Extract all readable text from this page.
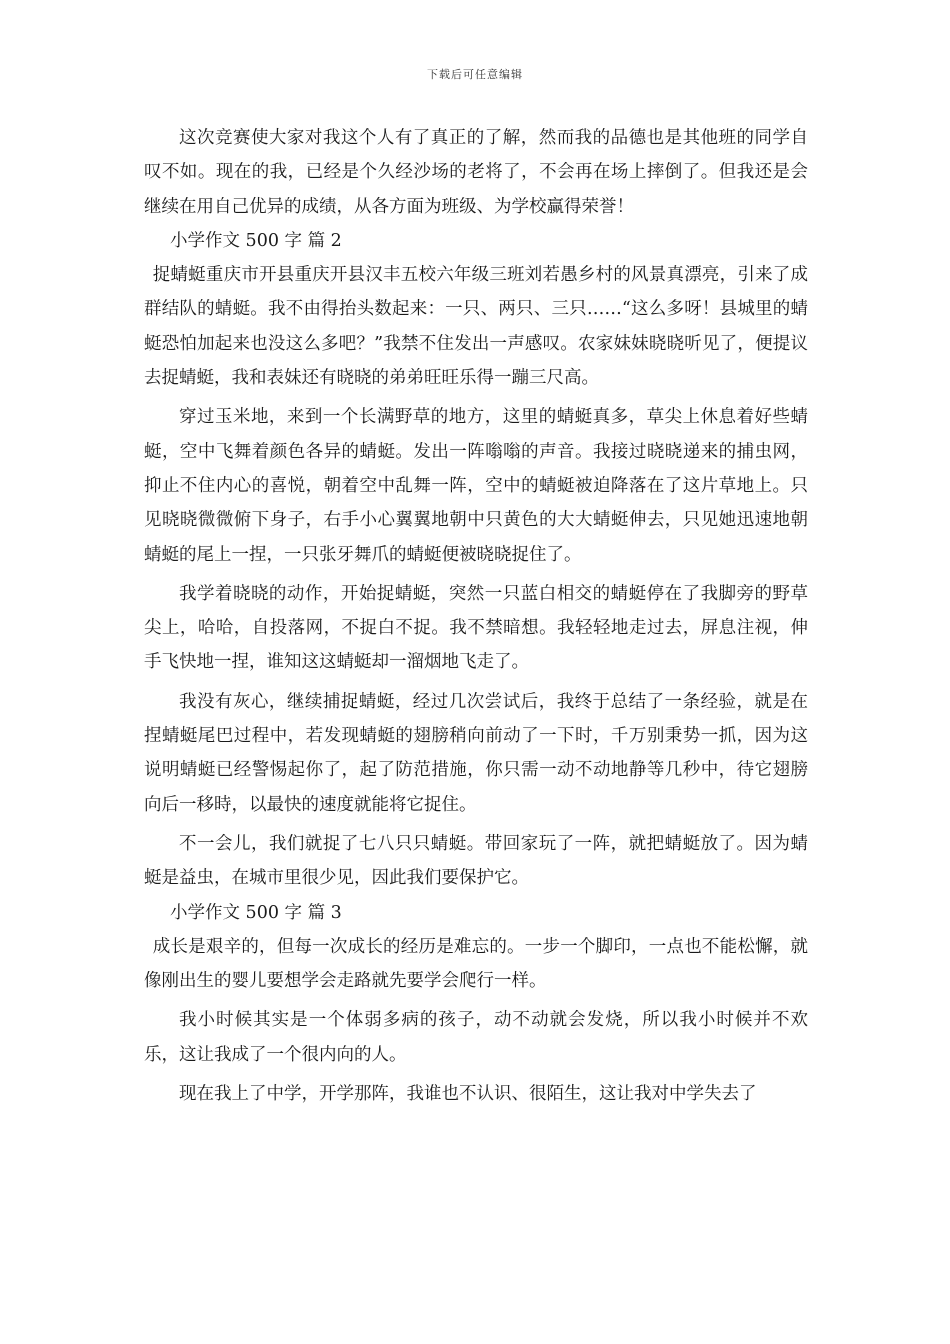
下载后可任意编辑

这次竞赛使大家对我这个人有了真正的了解，然而我的品德也是其他班的同学自叹不如。现在的我，已经是个久经沙场的老将了，不会再在场上摔倒了。但我还是会继续在用自己优异的成绩，从各方面为班级、为学校赢得荣誉！

小学作文 500 字 篇 2

捉蜻蜓重庆市开县重庆开县汉丰五校六年级三班刘若愚乡村的风景真漂亮，引来了成群结队的蜻蜓。我不由得抬头数起来：一只、两只、三只……“这么多呀！县城里的蜻蜓恐怕加起来也没这么多吧？”我禁不住发出一声感叹。农家妹妹晓晓听见了，便提议去捉蜻蜓，我和表妹还有晓晓的弟弟旺旺乐得一蹦三尺高。

穿过玉米地，来到一个长满野草的地方，这里的蜻蜓真多，草尖上休息着好些蜻蜓，空中飞舞着颜色各异的蜻蜓。发出一阵嗡嗡的声音。我接过晓晓递来的捕虫网，抑止不住内心的喜悦，朝着空中乱舞一阵，空中的蜻蜓被迫降落在了这片草地上。只见晓晓微微俯下身子，右手小心翼翼地朝中只黄色的大大蜻蜓伸去，只见她迅速地朝蜻蜓的尾上一捏，一只张牙舞爪的蜻蜓便被晓晓捉住了。

我学着晓晓的动作，开始捉蜻蜓，突然一只蓝白相交的蜻蜓停在了我脚旁的野草尖上，哈哈，自投落网，不捉白不捉。我不禁暗想。我轻轻地走过去，屏息注视，伸手飞快地一捏，谁知这这蜻蜓却一溜烟地飞走了。

我没有灰心，继续捕捉蜻蜓，经过几次尝试后，我终于总结了一条经验，就是在捏蜻蜓尾巴过程中，若发现蜻蜓的翅膀稍向前动了一下时，千万别秉势一抓，因为这说明蜻蜓已经警惕起你了，起了防范措施，你只需一动不动地静等几秒中，待它翅膀向后一移時，以最快的速度就能将它捉住。

不一会儿，我们就捉了七八只只蜻蜓。带回家玩了一阵，就把蜻蜓放了。因为蜻蜓是益虫，在城市里很少见，因此我们要保护它。

小学作文 500 字 篇 3

成长是艰辛的，但每一次成长的经历是难忘的。一步一个脚印，一点也不能松懈，就像刚出生的婴儿要想学会走路就先要学会爬行一样。

我小时候其实是一个体弱多病的孩子，动不动就会发烧，所以我小时候并不欢乐，这让我成了一个很内向的人。

现在我上了中学，开学那阵，我谁也不认识、很陌生，这让我对中学失去了
